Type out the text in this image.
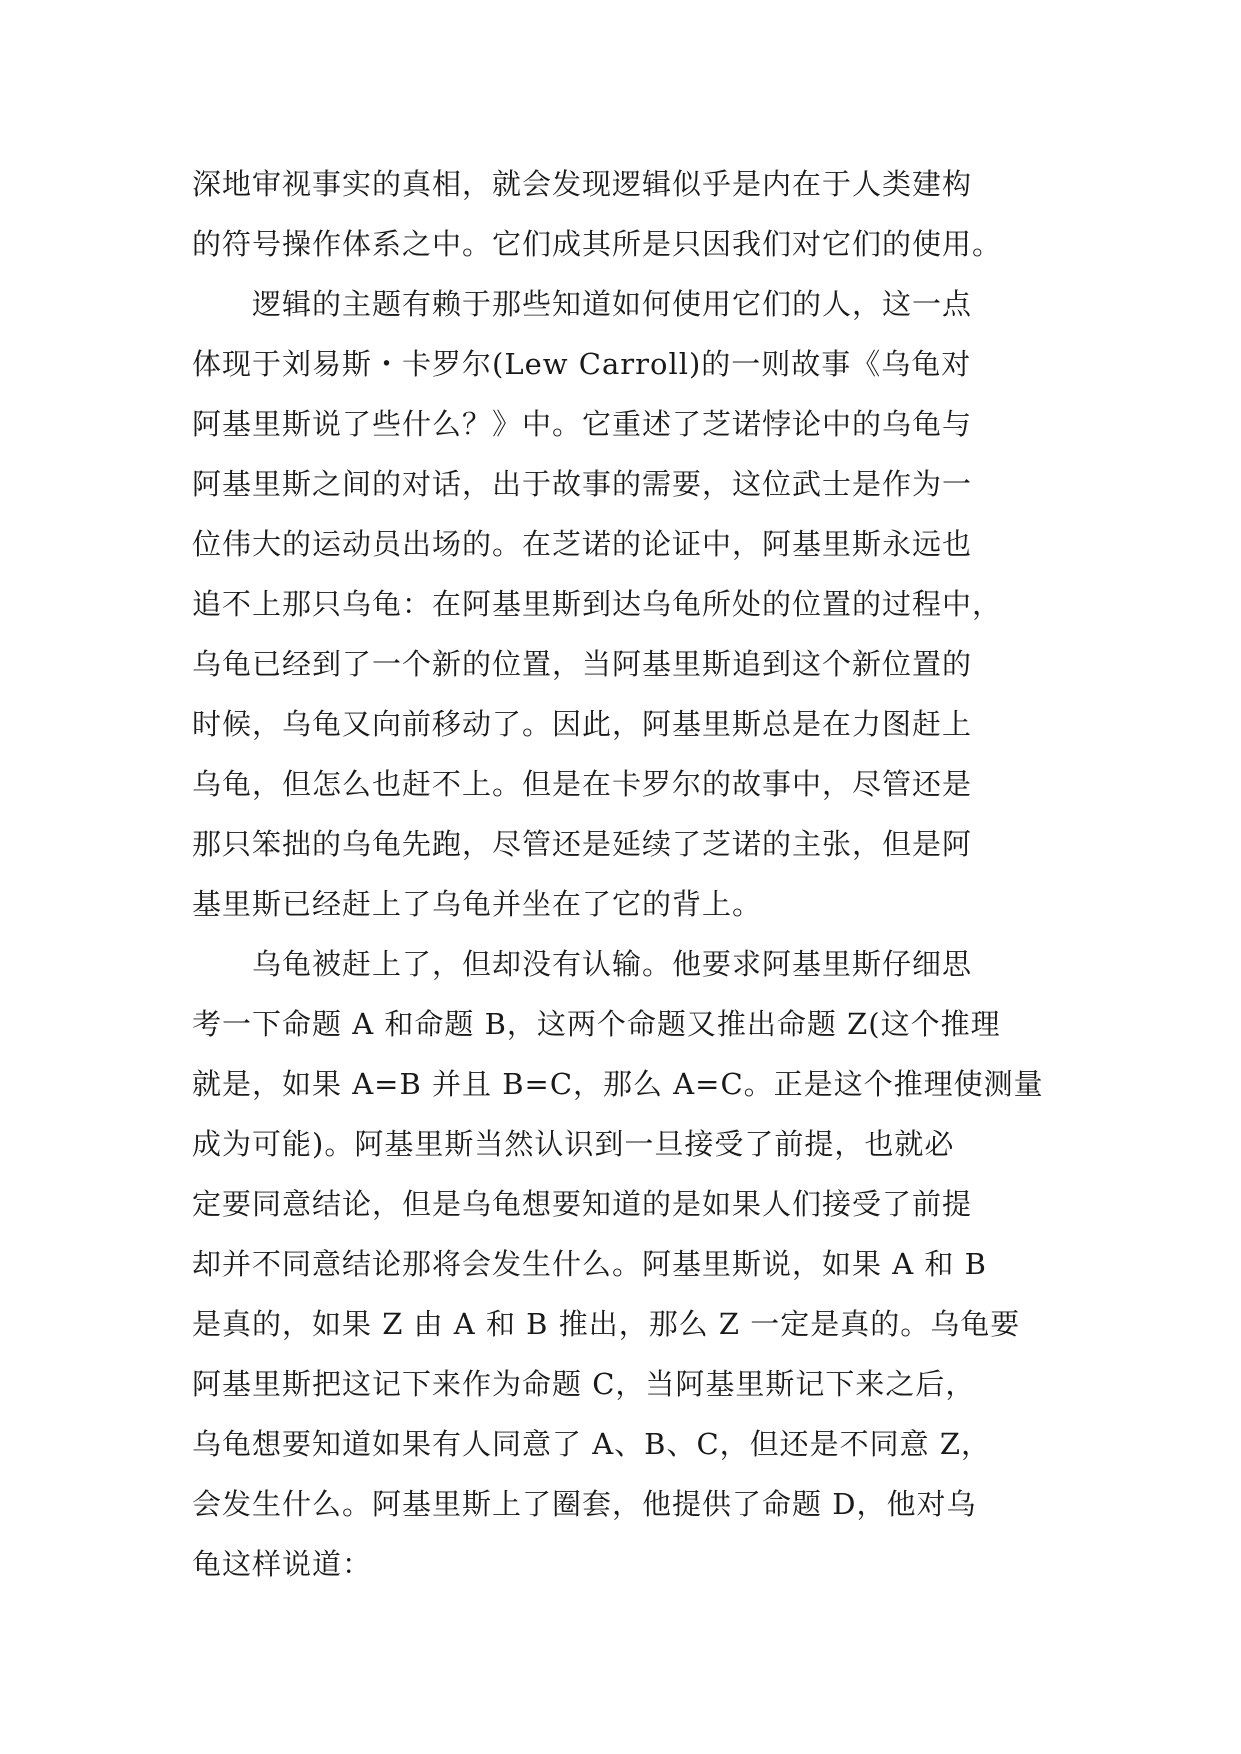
深地审视事实的真相，就会发现逻辑似乎是内在于人类建构
的符号操作体系之中。它们成其所是只因我们对它们的使用。
　　逻辑的主题有赖于那些知道如何使用它们的人，这一点
体现于刘易斯・卡罗尔(Lew Carroll)的一则故事《乌龟对
阿基里斯说了些什么？》中。它重述了芝诺悖论中的乌龟与
阿基里斯之间的对话，出于故事的需要，这位武士是作为一
位伟大的运动员出场的。在芝诺的论证中，阿基里斯永远也
追不上那只乌龟：在阿基里斯到达乌龟所处的位置的过程中，
乌龟已经到了一个新的位置，当阿基里斯追到这个新位置的
时候，乌龟又向前移动了。因此，阿基里斯总是在力图赶上
乌龟，但怎么也赶不上。但是在卡罗尔的故事中，尽管还是
那只笨拙的乌龟先跑，尽管还是延续了芝诺的主张，但是阿
基里斯已经赶上了乌龟并坐在了它的背上。
　　乌龟被赶上了，但却没有认输。他要求阿基里斯仔细思
考一下命题 A 和命题 B，这两个命题又推出命题 Z(这个推理
就是，如果 A=B 并且 B=C，那么 A=C。正是这个推理使测量
成为可能)。阿基里斯当然认识到一旦接受了前提，也就必
定要同意结论，但是乌龟想要知道的是如果人们接受了前提
却并不同意结论那将会发生什么。阿基里斯说，如果 A 和 B
是真的，如果 Z 由 A 和 B 推出，那么 Z 一定是真的。乌龟要
阿基里斯把这记下来作为命题 C，当阿基里斯记下来之后，
乌龟想要知道如果有人同意了 A、B、C，但还是不同意 Z，
会发生什么。阿基里斯上了圈套，他提供了命题 D，他对乌
龟这样说道：
